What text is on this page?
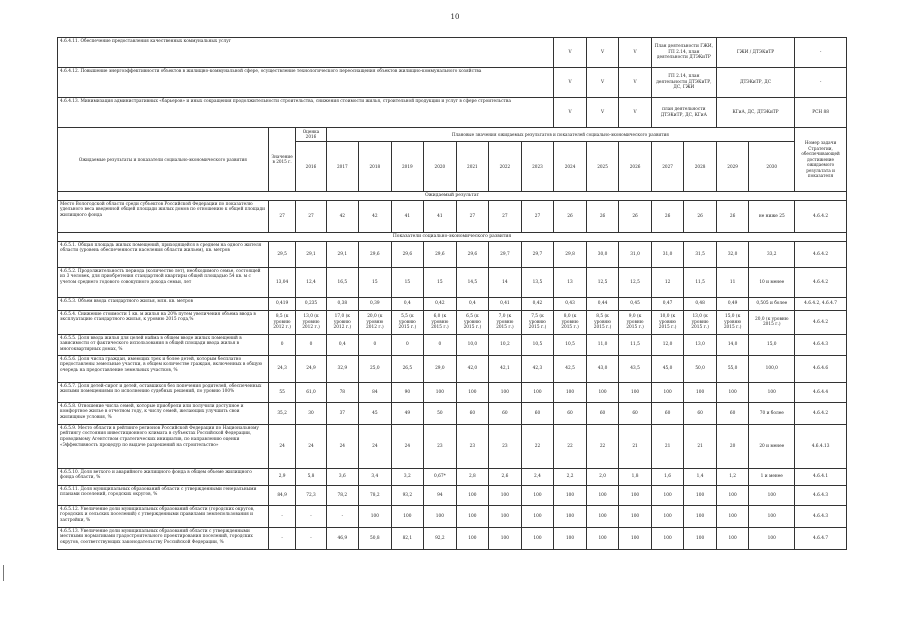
10
4.6.4.11. Обеспечение предоставления качественных коммунальных услуг										V	V	V	План деятельности ГЖИ, ГП 2.14, план деятельности ДТЭКиТР		ГЖИ / ДТЭКиТР		-
4.6.4.12. Повышение энергоэффективности объектов в жилищно-коммунальной сфере, осуществление технологического переоснащения объектов жилищно-коммунального хозяйства										V	V	V	ГП 2.14, план деятельности ДТЭКиТР, ДС, ГЖИ		ДТЭКиТР, ДС		-
4.6.4.13. Минимизация административных «барьеров» и иных сокращения продолжительности строительства, снижения стоимости жилья, строительной продукции и услуг в сфере строительства										V	V	V	план деятельности ДТЭКиТР, ДС, КГиА		КГиА, ДС, ДТЭКиТР		РСН 88
Ожидаемые результаты и показатели социально-экономического развития	Значение в 2015 г.	Оценка 2016	Плановые значения ожидаемых результатов и показателей социально-экономического развития														Номер задачи Стратегии, обеспечивающей достижение ожидаемого результата и показателя
		2016	2017	2018	2019	2020	2021	2022	2023	2024	2025	2026	2027	2028	2029	2030	
Ожидаемый результат																	
Место Вологодской области среди субъектов Российской Федерации по показателю удельного веса введенной общей площади жилых домов по отношению к общей площади жилищного фонда	27	27	42	42	41	41	27	27	27	26	26	26	26	26	26	не ниже 25	4.6.4.2
Показатели социально-экономического развития																	
4.6.5.1. Общая площадь жилых помещений, приходящейся в среднем на одного жителя области (уровень обеспеченности населения области жильем), кв. метров	29,5	29,1	29,1	29,6	29,6	29,6	29,6	29,7	29,7	29,8	30,0	31,0	31,0	31,5	32,0	33,2	4.6.4.2
4.6.5.2. Продолжительность периода (количество лет), необходимого семье, состоящей из 3 человек, для приобретения стандартной квартиры общей площадью 54 кв. м с учетом среднего годового совокупного дохода семьи, лет	13,04	12,4	16,5	15	15	15	14,5	14	13,5	13	12,5	12,5	12	11,5	11	10 и менее	4.6.4.2
4.6.5.3. Объем ввода стандартного жилья, млн. кв. метров	0,419	0,235	0,38	0,39	0,4	0,42	0,4	0,41	0,42	0,43	0,44	0,45	0,47	0,48	0,49	0,505 и более	4.6.4.2, 4.6.4.7
4.6.5.4. Снижение стоимости 1 кв. м жилья на 20% путем увеличения объема ввода в эксплуатацию стандартного жилья, к уровню 2015 года,%	8,5 (к уровню 2012 г.)	13,0 (к уровню 2012 г.)	17,0 (к уровню 2012 г.)	20,0 (к уровню 2012 г.)	5,5 (к уровню 2015 г.)	6,0 (к уровню 2015 г.)	6,5 (к уровню 2015 г.)	7,0 (к уровню 2015 г.)	7,5 (к уровню 2015 г.)	8,0 (к уровню 2015 г.)	8,5 (к уровню 2015 г.)	9,0 (к уровню 2015 г.)	10,0 (к уровню 2015 г.)	13,0 (к уровню 2015 г.)	15,0 (к уровню 2015 г.)	20,0 (к уровню 2015 г.)	4.6.4.2
4.6.5.5. Доля ввода жилья для целей найма в общем вводе жилых помещений в зависимости от фактического использования в общей площади ввода жилья в многоквартирных домах, %	0	0	0,4	0	0	0	10,0	10,2	10,5	10,5	11,0	11,5	12,0	13,0	14,0	15,0	4.6.4.3
4.6.5.6. Доля числа граждан, имеющих трех и более детей, которым бесплатно предоставлены земельные участки, в общем количестве граждан, включенных в общую очередь на предоставление земельных участков, %	24,3	24,9	32,9	25,0	26,5	29,0	42,0	42,1	42,3	42,5	43,0	43,5	45,0	50,0	55,0	100,0	4.6.4.6
4.6.5.7. Доля детей-сирот и детей, оставшихся без попечения родителей, обеспеченных жилыми помещениями по исполнению судебных решений, по уровню 100%	55	61,0	78	84	90	100	100	100	100	100	100	100	100	100	100	100	4.6.4.4
4.6.5.8. Отношение числа семей, которые приобрели или получили доступное и комфортное жилье в отчетном году, к числу семей, желающих улучшить свои жилищные условия, %	35,2	30	37	45	49	50	60	60	60	60	60	60	60	60	60	70 и более	4.6.4.2
4.6.5.9. Место области в рейтинге регионов Российской Федерации по Национальному рейтингу состояния инвестиционного климата в субъектах Российской Федерации, проводимому Агентством стратегических инициатив, по направлению оценки «Эффективность процедур по выдаче разрешений на строительство»	24	24	24	24	24	23	23	23	22	22	22	21	21	21	20	20 и менее	4.6.4.13
4.6.5.10. Доля ветхого и аварийного жилищного фонда в общем объеме жилищного фонда области, %	2,9	5,8	3,6	3,4	3,2	0,67*	2,8	2,6	2,4	2,2	2,0	1,8	1,6	1,4	1,2	1 и менее	4.6.4.1
4.6.5.11. Доля муниципальных образований области с утвержденными генеральными планами поселений, городских округов, %	84,9	72,3	78,2	78,2	93,2	94	100	100	100	100	100	100	100	100	100	100	4.6.4.3
4.6.5.12. Увеличение доли муниципальных образований области (городских округов, городских и сельских поселений) с утвержденными правилами землепользования и застройки, %	-	-	-	100	100	100	100	100	100	100	100	100	100	100	100	100	4.6.4.3
4.6.5.13. Увеличение доли муниципальных образований области с утвержденными местными нормативами градостроительного проектирования поселений, городских округов, соответствующих законодательству Российской Федерации, %	-	-	46,9	50,8	82,1	92,2	100	100	100	100	100	100	100	100	100	100	4.6.4.7
